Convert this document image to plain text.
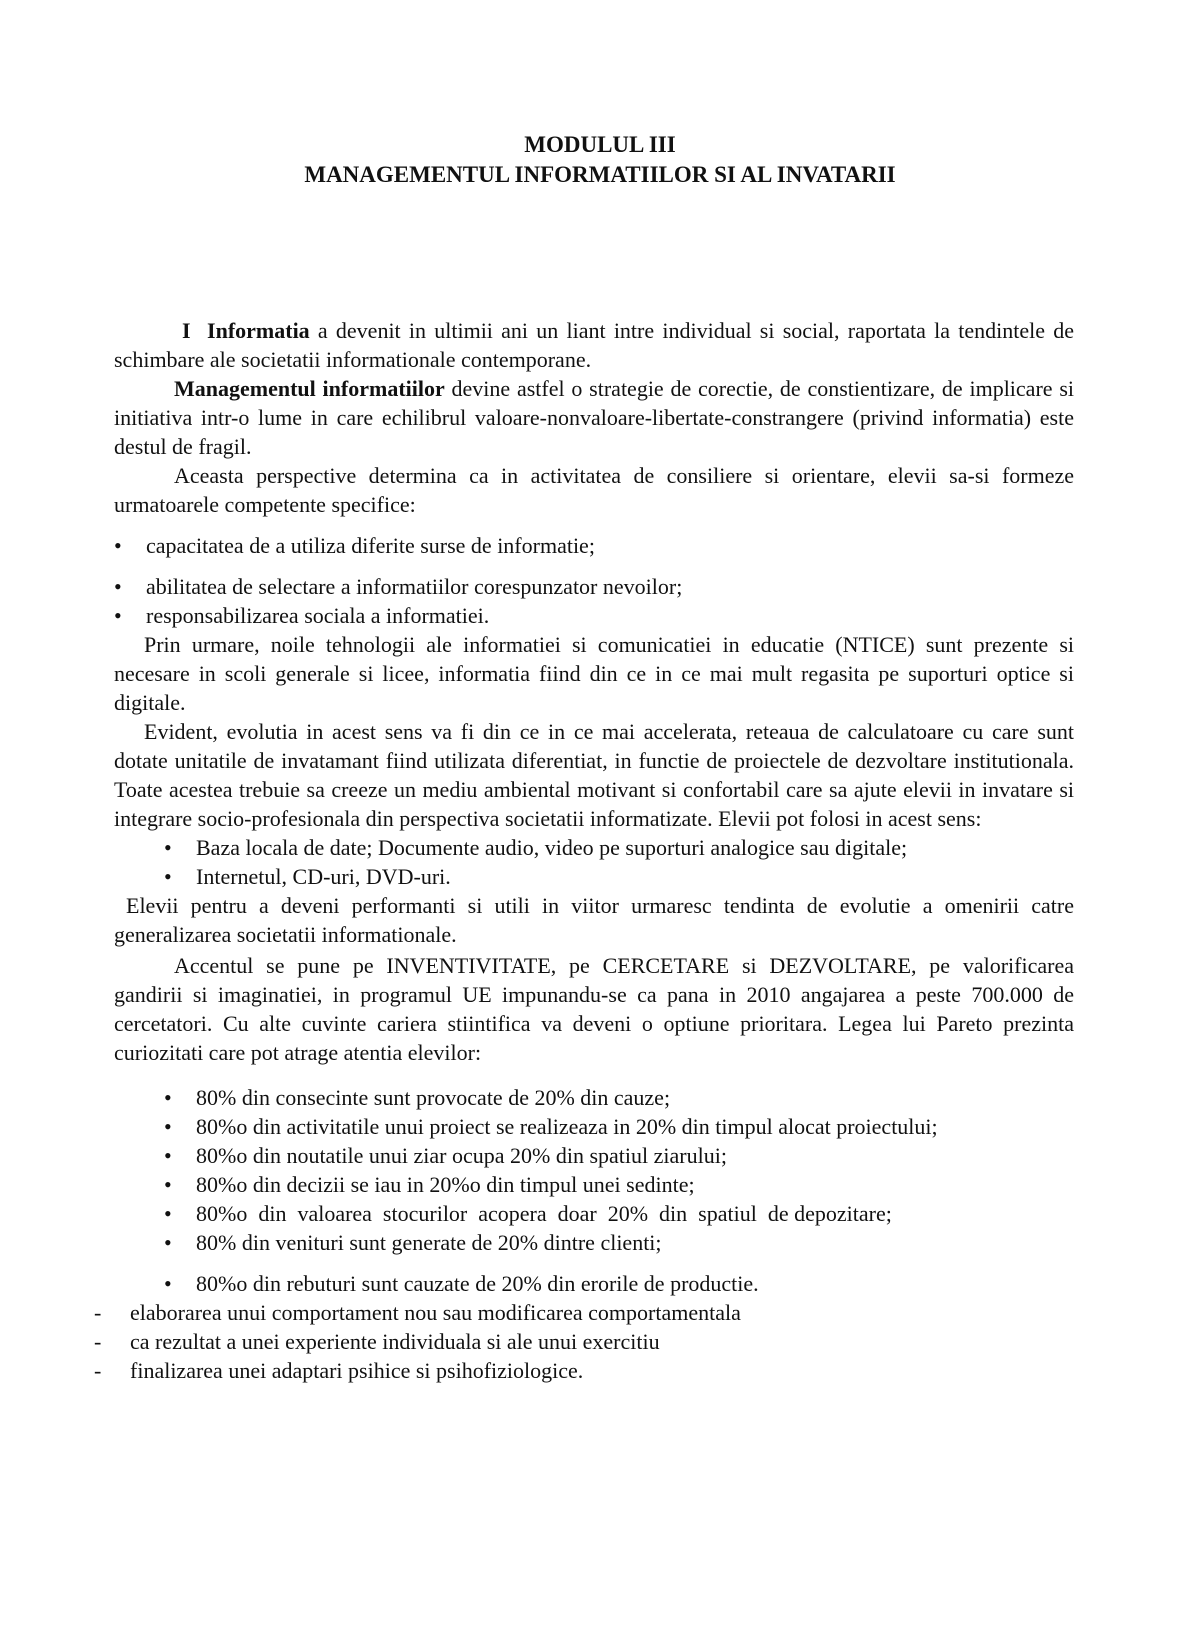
MODULUL III
MANAGEMENTUL INFORMATIILOR SI AL INVATARII

I Informatia a devenit in ultimii ani un liant intre individual si social, raportata la tendintele de schimbare ale societatii informationale contemporane.

Managementul informatiilor devine astfel o strategie de corectie, de constientizare, de implicare si initiativa intr-o lume in care echilibrul valoare-nonvaloare-libertate-constrangere (privind informatia) este destul de fragil.

Aceasta perspective determina ca in activitatea de consiliere si orientare, elevii sa-si formeze urmatoarele competente specifice:

• capacitatea de a utiliza diferite surse de informatie;
• abilitatea de selectare a informatiilor corespunzator nevoilor;
• responsabilizarea sociala a informatiei.

Prin urmare, noile tehnologii ale informatiei si comunicatiei in educatie (NTICE) sunt prezente si necesare in scoli generale si licee, informatia fiind din ce in ce mai mult regasita pe suporturi optice si digitale.

Evident, evolutia in acest sens va fi din ce in ce mai accelerata, reteaua de calculatoare cu care sunt dotate unitatile de invatamant fiind utilizata diferentiat, in functie de proiectele de dezvoltare institutionala. Toate acestea trebuie sa creeze un mediu ambiental motivant si confortabil care sa ajute elevii in invatare si integrare socio-profesionala din perspectiva societatii informatizate. Elevii pot folosi in acest sens:

• Baza locala de date; Documente audio, video pe suporturi analogice sau digitale;
• Internetul, CD-uri, DVD-uri.

Elevii pentru a deveni performanti si utili in viitor urmaresc tendinta de evolutie a omenirii catre generalizarea societatii informationale.

Accentul se pune pe INVENTIVITATE, pe CERCETARE si DEZVOLTARE, pe valorificarea gandirii si imaginatiei, in programul UE impunandu-se ca pana in 2010 angajarea a peste 700.000 de cercetatori. Cu alte cuvinte cariera stiintifica va deveni o optiune prioritara. Legea lui Pareto prezinta curiozitati care pot atrage atentia elevilor:

• 80% din consecinte sunt provocate de 20% din cauze;
• 80%o din activitatile unui proiect se realizeaza in 20% din timpul alocat proiectului;
• 80%o din noutatile unui ziar ocupa 20% din spatiul ziarului;
• 80%o din decizii se iau in 20%o din timpul unei sedinte;
• 80%o  din  valoarea  stocurilor  acopera  doar  20%  din  spatiul  de depozitare;
• 80% din venituri sunt generate de 20% dintre clienti;
• 80%o din rebuturi sunt cauzate de 20% din erorile de productie.
- elaborarea unui comportament nou sau modificarea comportamentala
- ca rezultat a unei experiente individuala si ale unui exercitiu
- finalizarea unei adaptari psihice si psihofiziologice.
